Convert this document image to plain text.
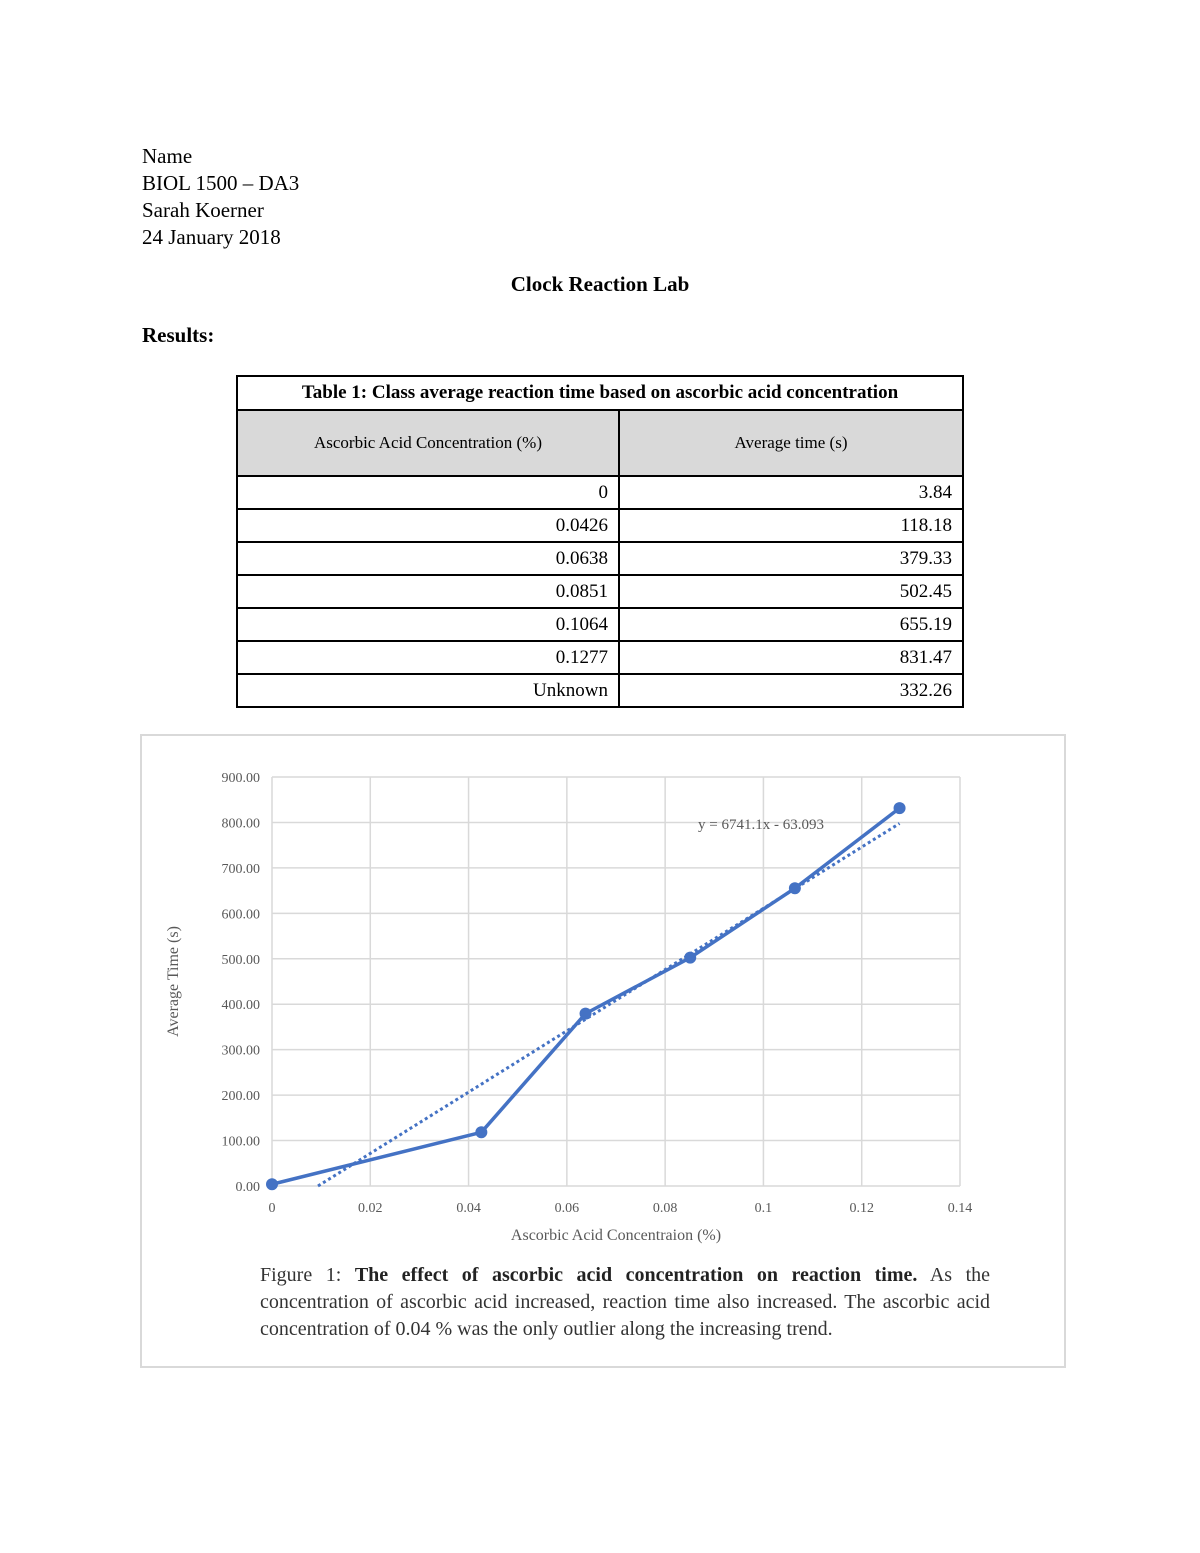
Name
BIOL 1500 – DA3
Sarah Koerner
24 January 2018
Clock Reaction Lab
Results:
Table 1: Class average reaction time based on ascorbic acid concentration	
Ascorbic Acid Concentration (%)	Average time (s)
0	3.84
0.0426	118.18
0.0638	379.33
0.0851	502.45
0.1064	655.19
0.1277	831.47
Unknown	332.26
0.00
100.00
200.00
300.00
400.00
500.00
600.00
700.00
800.00
900.00
0	0.02	0.04	0.06	0.08	0.1	0.12	0.14
Ascorbic Acid Concentraion (%)
Average Time (s)
y = 6741.1x - 63.093
Figure 1: The effect of ascorbic acid concentration on reaction time. As the concentration of ascorbic acid increased, reaction time also increased. The ascorbic acid concentration of 0.04 % was the only outlier along the increasing trend.
